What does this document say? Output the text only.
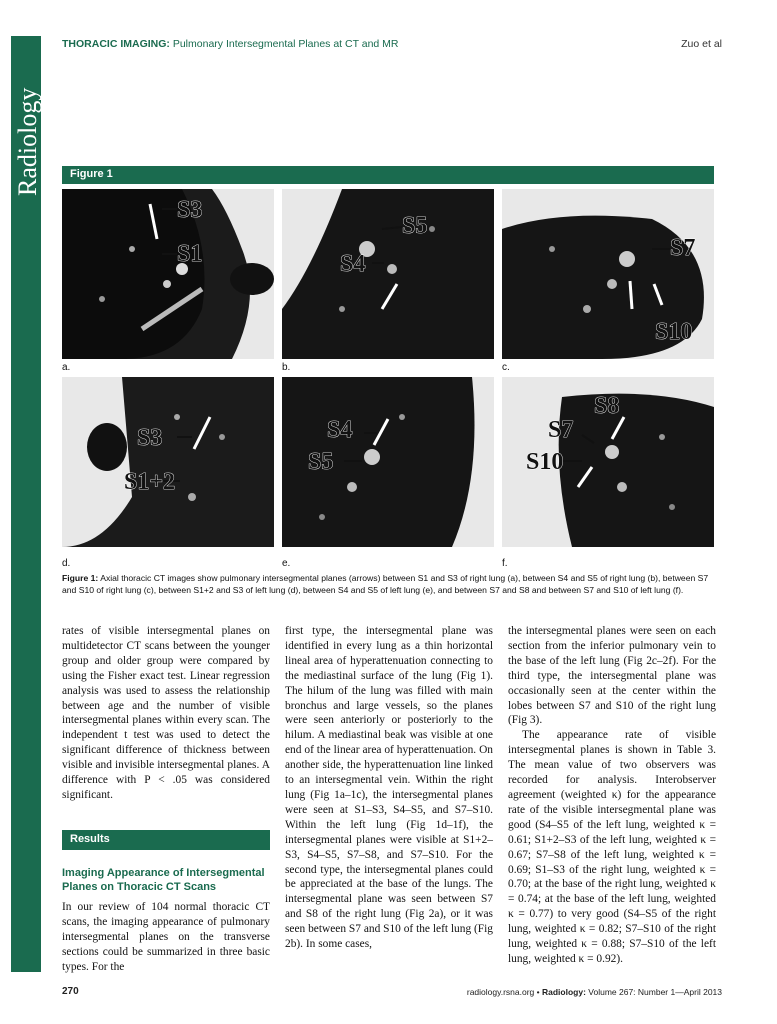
Radiology
THORACIC IMAGING: Pulmonary Intersegmental Planes at CT and MR	Zuo et al
Figure 1
S3
S1
a.
S5
S4
b.
S7
S10
c.
S3
S1+2
d.
S4
S5
e.
S8
S7
S10
f.
Figure 1: Axial thoracic CT images show pulmonary intersegmental planes (arrows) between S1 and S3 of right lung (a), between S4 and S5 of right lung (b), between S7 and S10 of right lung (c), between S1+2 and S3 of left lung (d), between S4 and S5 of left lung (e), and between S7 and S8 and between S7 and S10 of left lung (f).

rates of visible intersegmental planes on multidetector CT scans between the younger group and older group were compared by using the Fisher exact test. Linear regression analysis was used to assess the relationship between age and the number of visible intersegmental planes within every scan. The independent t test was used to detect the significant difference of thickness between visible and invisible intersegmental planes. A difference with P < .05 was considered significant.

Results
Imaging Appearance of Intersegmental Planes on Thoracic CT Scans

In our review of 104 normal thoracic CT scans, the imaging appearance of pulmonary intersegmental planes on the transverse sections could be summarized in three basic types. For the

first type, the intersegmental plane was identified in every lung as a thin horizontal lineal area of hyperattenuation connecting to the mediastinal surface of the lung (Fig 1). The hilum of the lung was filled with main bronchus and large vessels, so the planes were seen anteriorly or posteriorly to the hilum. A mediastinal beak was visible at one end of the linear area of hyperattenuation. On another side, the hyperattenuation line linked to an intersegmental vein. Within the right lung (Fig 1a–1c), the intersegmental planes were seen at S1–S3, S4–S5, and S7–S10. Within the left lung (Fig 1d–1f), the intersegmental planes were visible at S1+2–S3, S4–S5, S7–S8, and S7–S10. For the second type, the intersegmental planes could be appreciated at the base of the lungs. The intersegmental plane was seen between S7 and S8 of the right lung (Fig 2a), or it was seen between S7 and S10 of the left lung (Fig 2b). In some cases,

the intersegmental planes were seen on each section from the inferior pulmonary vein to the base of the left lung (Fig 2c–2f). For the third type, the intersegmental plane was occasionally seen at the center within the lobes between S7 and S10 of the right lung (Fig 3).

The appearance rate of visible intersegmental planes is shown in Table 3. The mean value of two observers was recorded for analysis. Interobserver agreement (weighted κ) for the appearance rate of the visible intersegmental plane was good (S4–S5 of the left lung, weighted κ = 0.61; S1+2–S3 of the left lung, weighted κ = 0.67; S7–S8 of the left lung, weighted κ = 0.69; S1–S3 of the right lung, weighted κ = 0.70; at the base of the right lung, weighted κ = 0.74; at the base of the left lung, weighted κ = 0.77) to very good (S4–S5 of the right lung, weighted κ = 0.82; S7–S10 of the right lung, weighted κ = 0.88; S7–S10 of the left lung, weighted κ = 0.92).

270	radiology.rsna.org • Radiology: Volume 267: Number 1—April 2013
